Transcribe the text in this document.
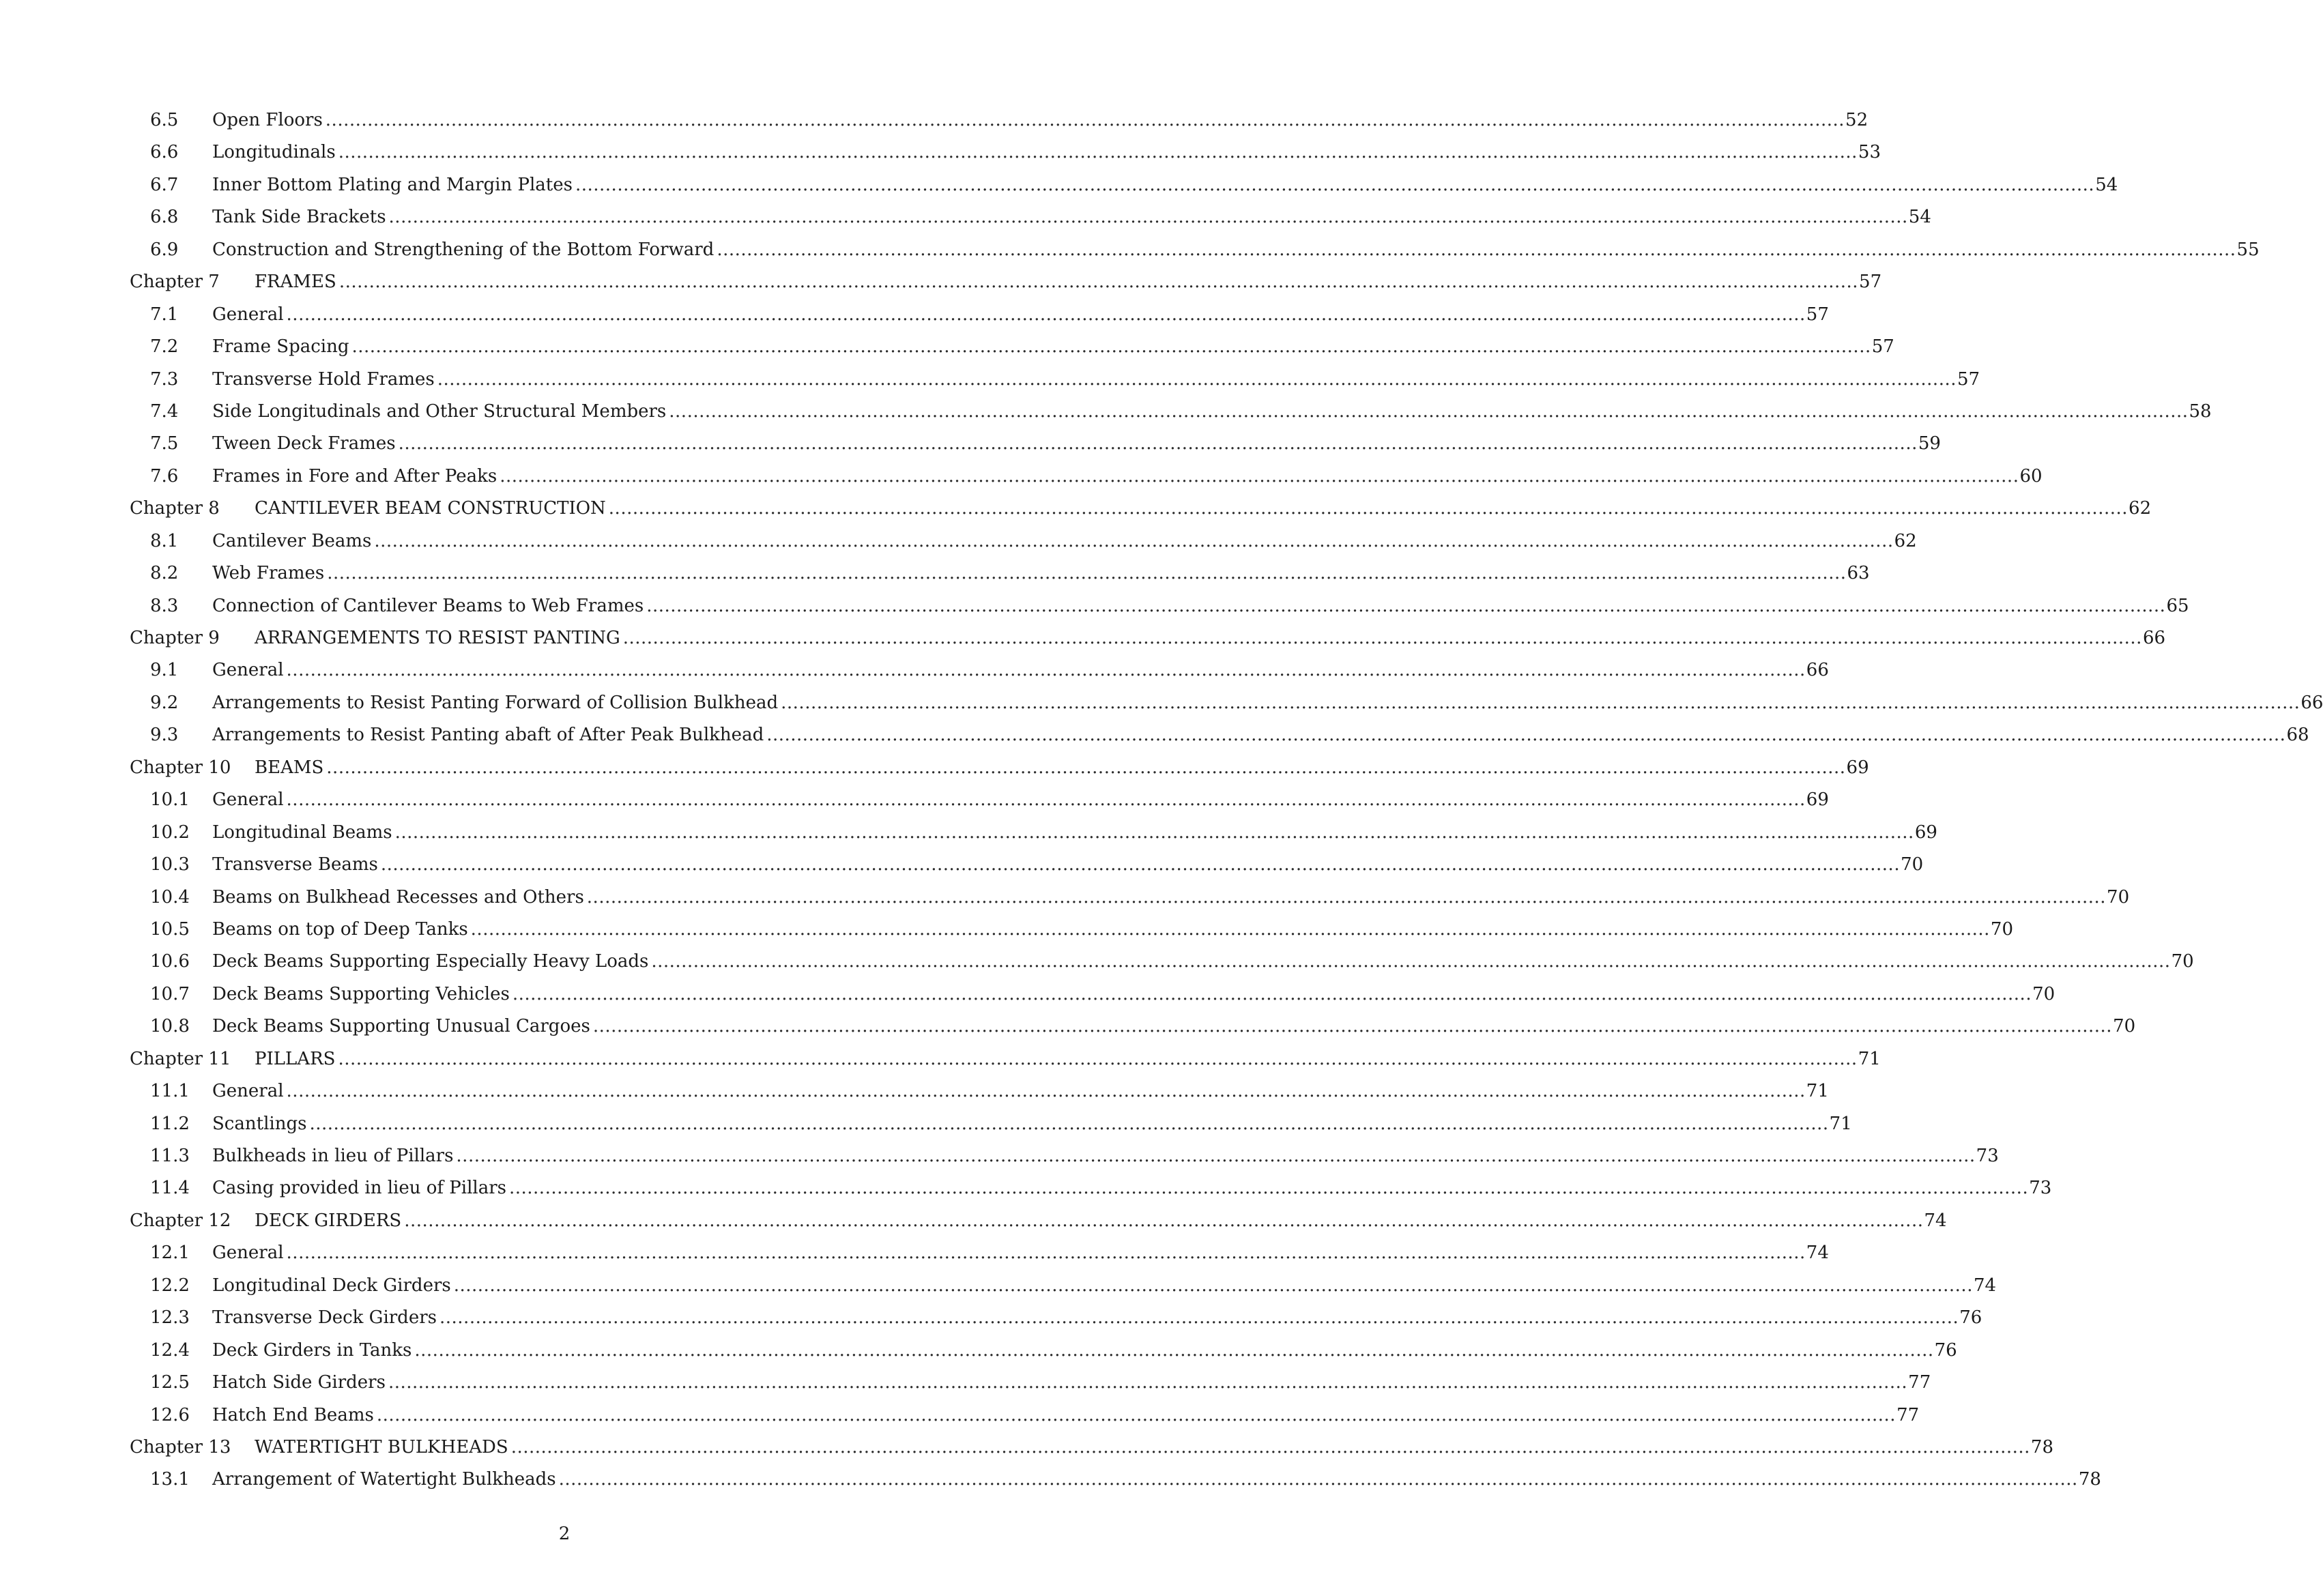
6.5 Open Floors .....	52
6.6 Longitudinals .....	53
6.7 Inner Bottom Plating and Margin Plates .....	54
6.8 Tank Side Brackets .....	54
6.9 Construction and Strengthening of the Bottom Forward .....	55
Chapter 7 FRAMES .....	57
7.1 General .....	57
7.2 Frame Spacing .....	57
7.3 Transverse Hold Frames .....	57
7.4 Side Longitudinals and Other Structural Members .....	58
7.5 Tween Deck Frames .....	59
7.6 Frames in Fore and After Peaks .....	60
Chapter 8 CANTILEVER BEAM CONSTRUCTION .....	62
8.1 Cantilever Beams .....	62
8.2 Web Frames .....	63
8.3 Connection of Cantilever Beams to Web Frames .....	65
Chapter 9 ARRANGEMENTS TO RESIST PANTING .....	66
9.1 General .....	66
9.2 Arrangements to Resist Panting Forward of Collision Bulkhead .....	66
9.3 Arrangements to Resist Panting abaft of After Peak Bulkhead .....	68
Chapter 10 BEAMS .....	69
10.1 General .....	69
10.2 Longitudinal Beams .....	69
10.3 Transverse Beams .....	70
10.4 Beams on Bulkhead Recesses and Others .....	70
10.5 Beams on top of Deep Tanks .....	70
10.6 Deck Beams Supporting Especially Heavy Loads .....	70
10.7 Deck Beams Supporting Vehicles .....	70
10.8 Deck Beams Supporting Unusual Cargoes .....	70
Chapter 11 PILLARS .....	71
11.1 General .....	71
11.2 Scantlings .....	71
11.3 Bulkheads in lieu of Pillars .....	73
11.4 Casing provided in lieu of Pillars .....	73
Chapter 12 DECK GIRDERS .....	74
12.1 General .....	74
12.2 Longitudinal Deck Girders .....	74
12.3 Transverse Deck Girders .....	76
12.4 Deck Girders in Tanks .....	76
12.5 Hatch Side Girders .....	77
12.6 Hatch End Beams .....	77
Chapter 13 WATERTIGHT BULKHEADS .....	78
13.1 Arrangement of Watertight Bulkheads .....	78
2
